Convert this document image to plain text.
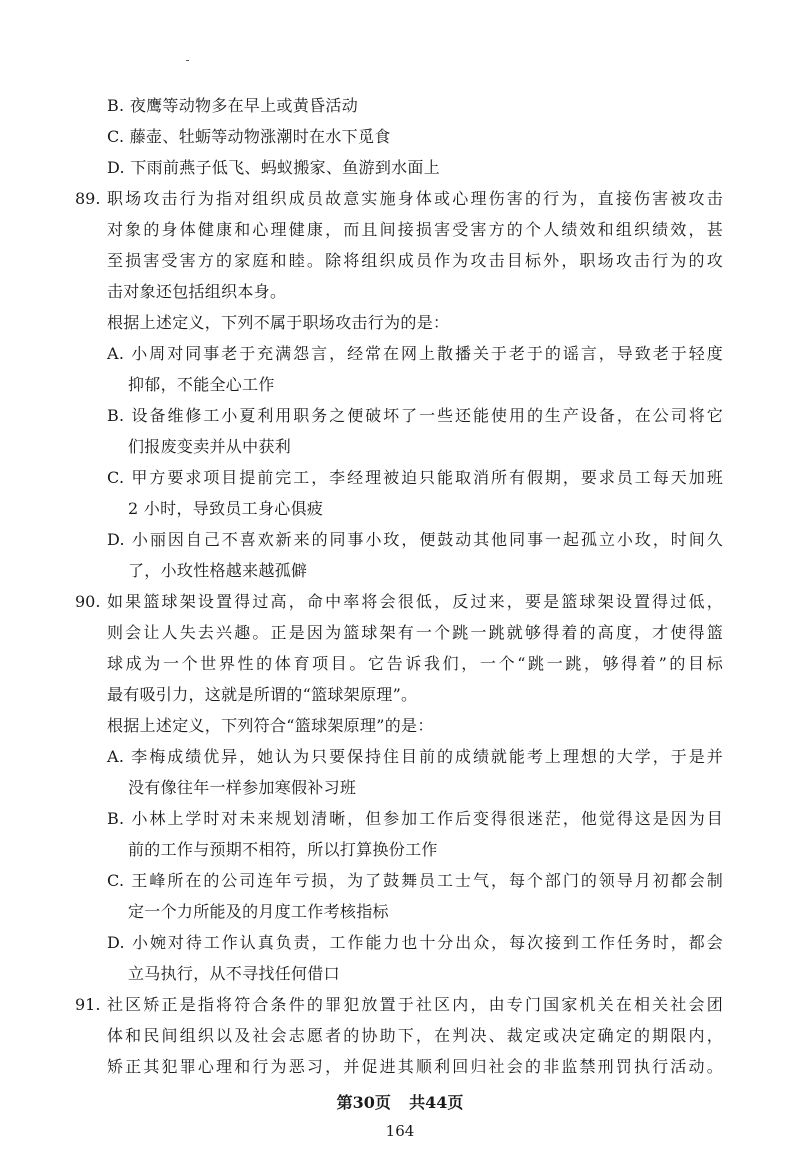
B. 夜鹰等动物多在早上或黄昏活动
C. 藤壶、牡蛎等动物涨潮时在水下觅食
D. 下雨前燕子低飞、蚂蚁搬家、鱼游到水面上
89. 职场攻击行为指对组织成员故意实施身体或心理伤害的行为，直接伤害被攻击
对象的身体健康和心理健康，而且间接损害受害方的个人绩效和组织绩效，甚
至损害受害方的家庭和睦。除将组织成员作为攻击目标外，职场攻击行为的攻
击对象还包括组织本身。
根据上述定义，下列不属于职场攻击行为的是：
A. 小周对同事老于充满怨言，经常在网上散播关于老于的谣言，导致老于轻度
抑郁，不能全心工作
B. 设备维修工小夏利用职务之便破坏了一些还能使用的生产设备，在公司将它
们报废变卖并从中获利
C. 甲方要求项目提前完工，李经理被迫只能取消所有假期，要求员工每天加班
2 小时，导致员工身心俱疲
D. 小丽因自己不喜欢新来的同事小玫，便鼓动其他同事一起孤立小玫，时间久
了，小玫性格越来越孤僻
90. 如果篮球架设置得过高，命中率将会很低，反过来，要是篮球架设置得过低，
则会让人失去兴趣。正是因为篮球架有一个跳一跳就够得着的高度，才使得篮
球成为一个世界性的体育项目。它告诉我们，一个“跳一跳，够得着”的目标
最有吸引力，这就是所谓的“篮球架原理”。
根据上述定义，下列符合“篮球架原理”的是：
A. 李梅成绩优异，她认为只要保持住目前的成绩就能考上理想的大学，于是并
没有像往年一样参加寒假补习班
B. 小林上学时对未来规划清晰，但参加工作后变得很迷茫，他觉得这是因为目
前的工作与预期不相符，所以打算换份工作
C. 王峰所在的公司连年亏损，为了鼓舞员工士气，每个部门的领导月初都会制
定一个力所能及的月度工作考核指标
D. 小婉对待工作认真负责，工作能力也十分出众，每次接到工作任务时，都会
立马执行，从不寻找任何借口
91. 社区矫正是指将符合条件的罪犯放置于社区内，由专门国家机关在相关社会团
体和民间组织以及社会志愿者的协助下，在判决、裁定或决定确定的期限内，
矫正其犯罪心理和行为恶习，并促进其顺利回归社会的非监禁刑罚执行活动。
第30页 共44页
164
